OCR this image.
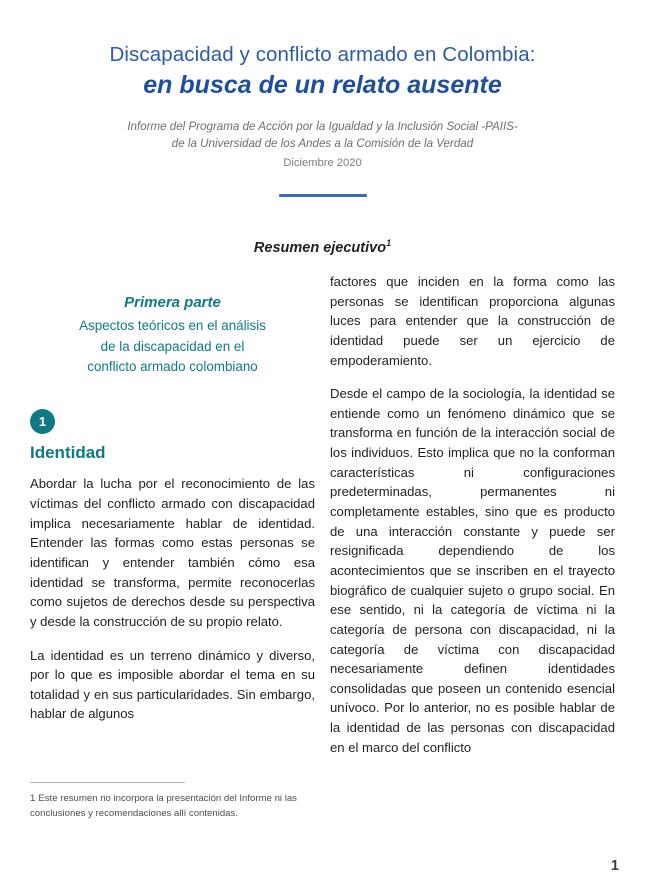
Discapacidad y conflicto armado en Colombia:
en busca de un relato ausente
Informe del Programa de Acción por la Igualdad y la Inclusión Social -PAIIS-
de la Universidad de los Andes a la Comisión de la Verdad
Diciembre 2020
Resumen ejecutivo$^1$
Primera parte
Aspectos teóricos en el análisis
de la discapacidad en el
conflicto armado colombiano
1
Identidad

Abordar la lucha por el reconocimiento de las víctimas del conflicto armado con discapacidad implica necesariamente hablar de identidad. Entender las formas como estas personas se identifican y entender también cómo esa identidad se transforma, permite reconocerlas como sujetos de derechos desde su perspectiva y desde la construcción de su propio relato.

La identidad es un terreno dinámico y diverso, por lo que es imposible abordar el tema en su totalidad y en sus particularidades. Sin embargo, hablar de algunos

factores que inciden en la forma como las personas se identifican proporciona algunas luces para entender que la construcción de identidad puede ser un ejercicio de empoderamiento.

Desde el campo de la sociología, la identidad se entiende como un fenómeno dinámico que se transforma en función de la interacción social de los individuos. Esto implica que no la conforman características ni configuraciones predeterminadas, permanentes ni completamente estables, sino que es producto de una interacción constante y puede ser resignificada dependiendo de los acontecimientos que se inscriben en el trayecto biográfico de cualquier sujeto o grupo social. En ese sentido, ni la categoría de víctima ni la categoría de persona con discapacidad, ni la categoría de víctima con discapacidad necesariamente definen identidades consolidadas que poseen un contenido esencial unívoco. Por lo anterior, no es posible hablar de la identidad de las personas con discapacidad en el marco del conflicto

1 Este resumen no incorpora la presentación del Informe ni las conclusiones y recomendaciones allí contenidas.

1
